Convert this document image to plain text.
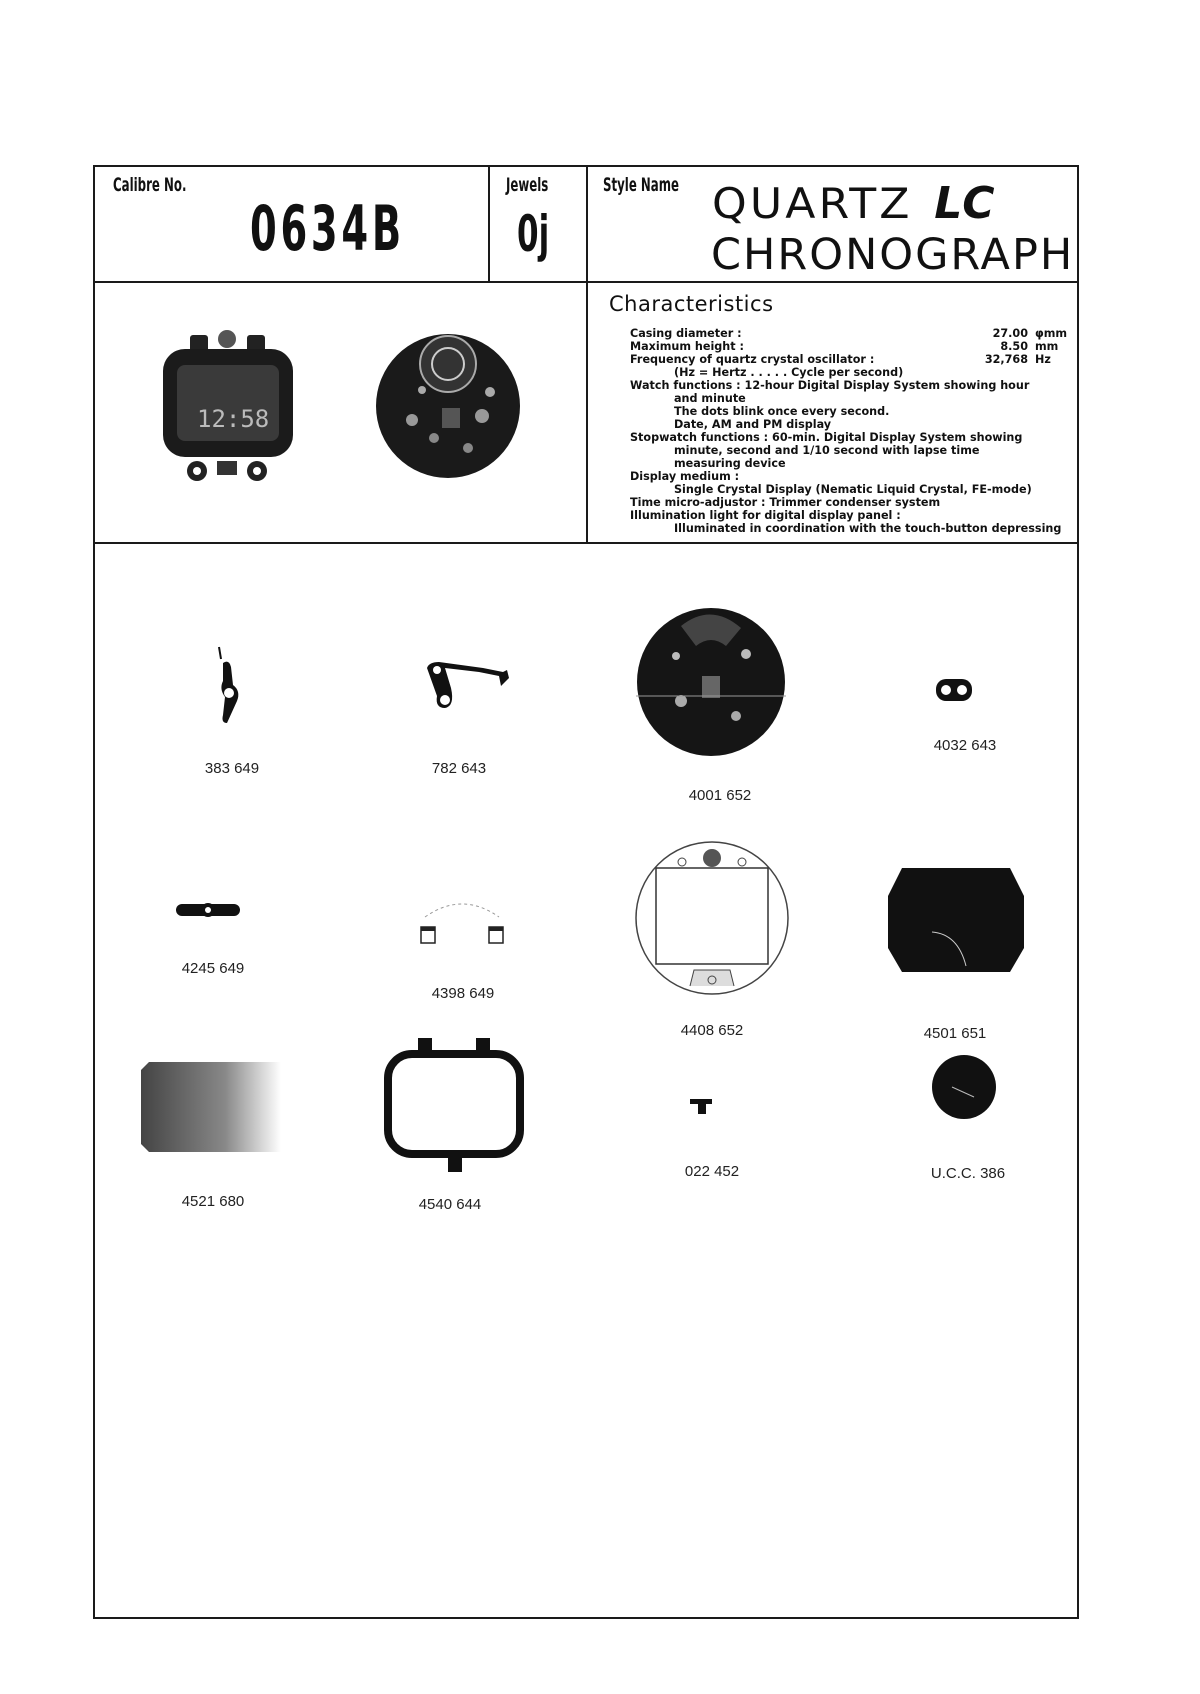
Calibre No.
0634B
Jewels
0j
Style Name QUARTZ LC
CHRONOGRAPH
12:58
Characteristics
Casing diameter :	27.00 φmm
Maximum height :	8.50 mm
Frequency of quartz crystal oscillator :	32,768 Hz
(Hz = Hertz . . . . . Cycle per second)
Watch functions : 12-hour Digital Display System showing hour
and minute
The dots blink once every second.
Date, AM and PM display
Stopwatch functions : 60-min. Digital Display System showing
minute, second and 1/10 second with lapse time
measuring device
Display medium :
Single Crystal Display (Nematic Liquid Crystal, FE-mode)
Time micro-adjustor : Trimmer condenser system
Illumination light for digital display panel :
Illuminated in coordination with the touch-button depressing
383 649	782 643
4001 652
4032 643
4245 649
4398 649
4408 652	4501 651
4521 680	4540 644
022 452	U.C.C. 386
